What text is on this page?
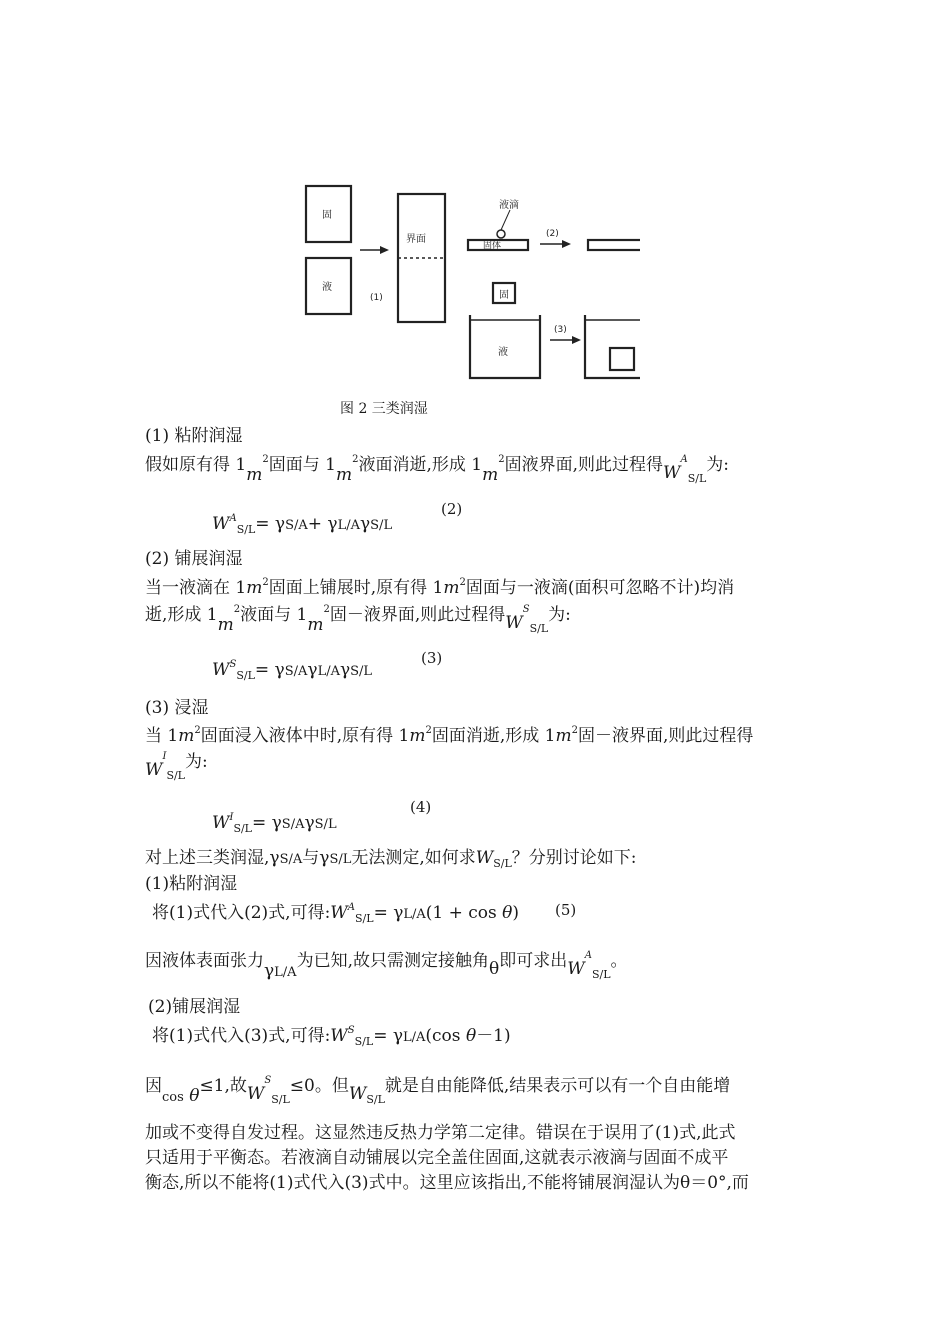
固
液
界面
液滴
固体
固
液
(1)
(2)
(3)
图 2 三类润湿
(1) 粘附润湿
假如原有得 $1m^2$固面与 $1m^2$液面消逝,形成 $1m^2$固液界面,则此过程得$W^A_{S/L}$为:
$W^A_{S/L}= \gamma S/A+ \gamma L/A\gamma S/L$
(2)
(2) 铺展润湿
当一液滴在 $1m^2$固面上铺展时,原有得 $1m^2$固面与一液滴(面积可忽略不计)均消
逝,形成 $1m^2$液面与 $1m^2$固－液界面,则此过程得$W^S_{S/L}$为:
$W^S_{S/L}= \gamma S/A\gamma L/A\gamma S/L$
(3)
(3) 浸湿
当 $1m^2$固面浸入液体中时,原有得 $1m^2$固面消逝,形成 $1m^2$固－液界面,则此过程得
$W^I_{S/L}$为:
$W^I_{S/L}= \gamma S/A\gamma S/L$
(4)
对上述三类润湿,γS/A与γS/L无法测定,如何求$W_{S/L}$？分别讨论如下:
(1)粘附润湿
将(1)式代入(2)式,可得$:W^A_{S/L}= \gamma L/A(1 + \cos \theta)$ (5)
因液体表面张力$\gamma_{L/A}$为已知,故只需测定接触角θ即可求出$W^A_{S/L}$。
(2)铺展润湿
将(1)式代入(3)式,可得$:W^S_{S/L}= \gamma L/A(\cos$ θ－1)
因$_{cos}$ θ≤1,故$W^S_{S/L}\le 0$。但$W_{S/L}$就是自由能降低,结果表示可以有一个自由能增
加或不变得自发过程。这显然违反热力学第二定律。错误在于误用了(1)式,此式
只适用于平衡态。若液滴自动铺展以完全盖住固面,这就表示液滴与固面不成平
衡态,所以不能将(1)式代入(3)式中。这里应该指出,不能将铺展润湿认为θ＝0°,而
